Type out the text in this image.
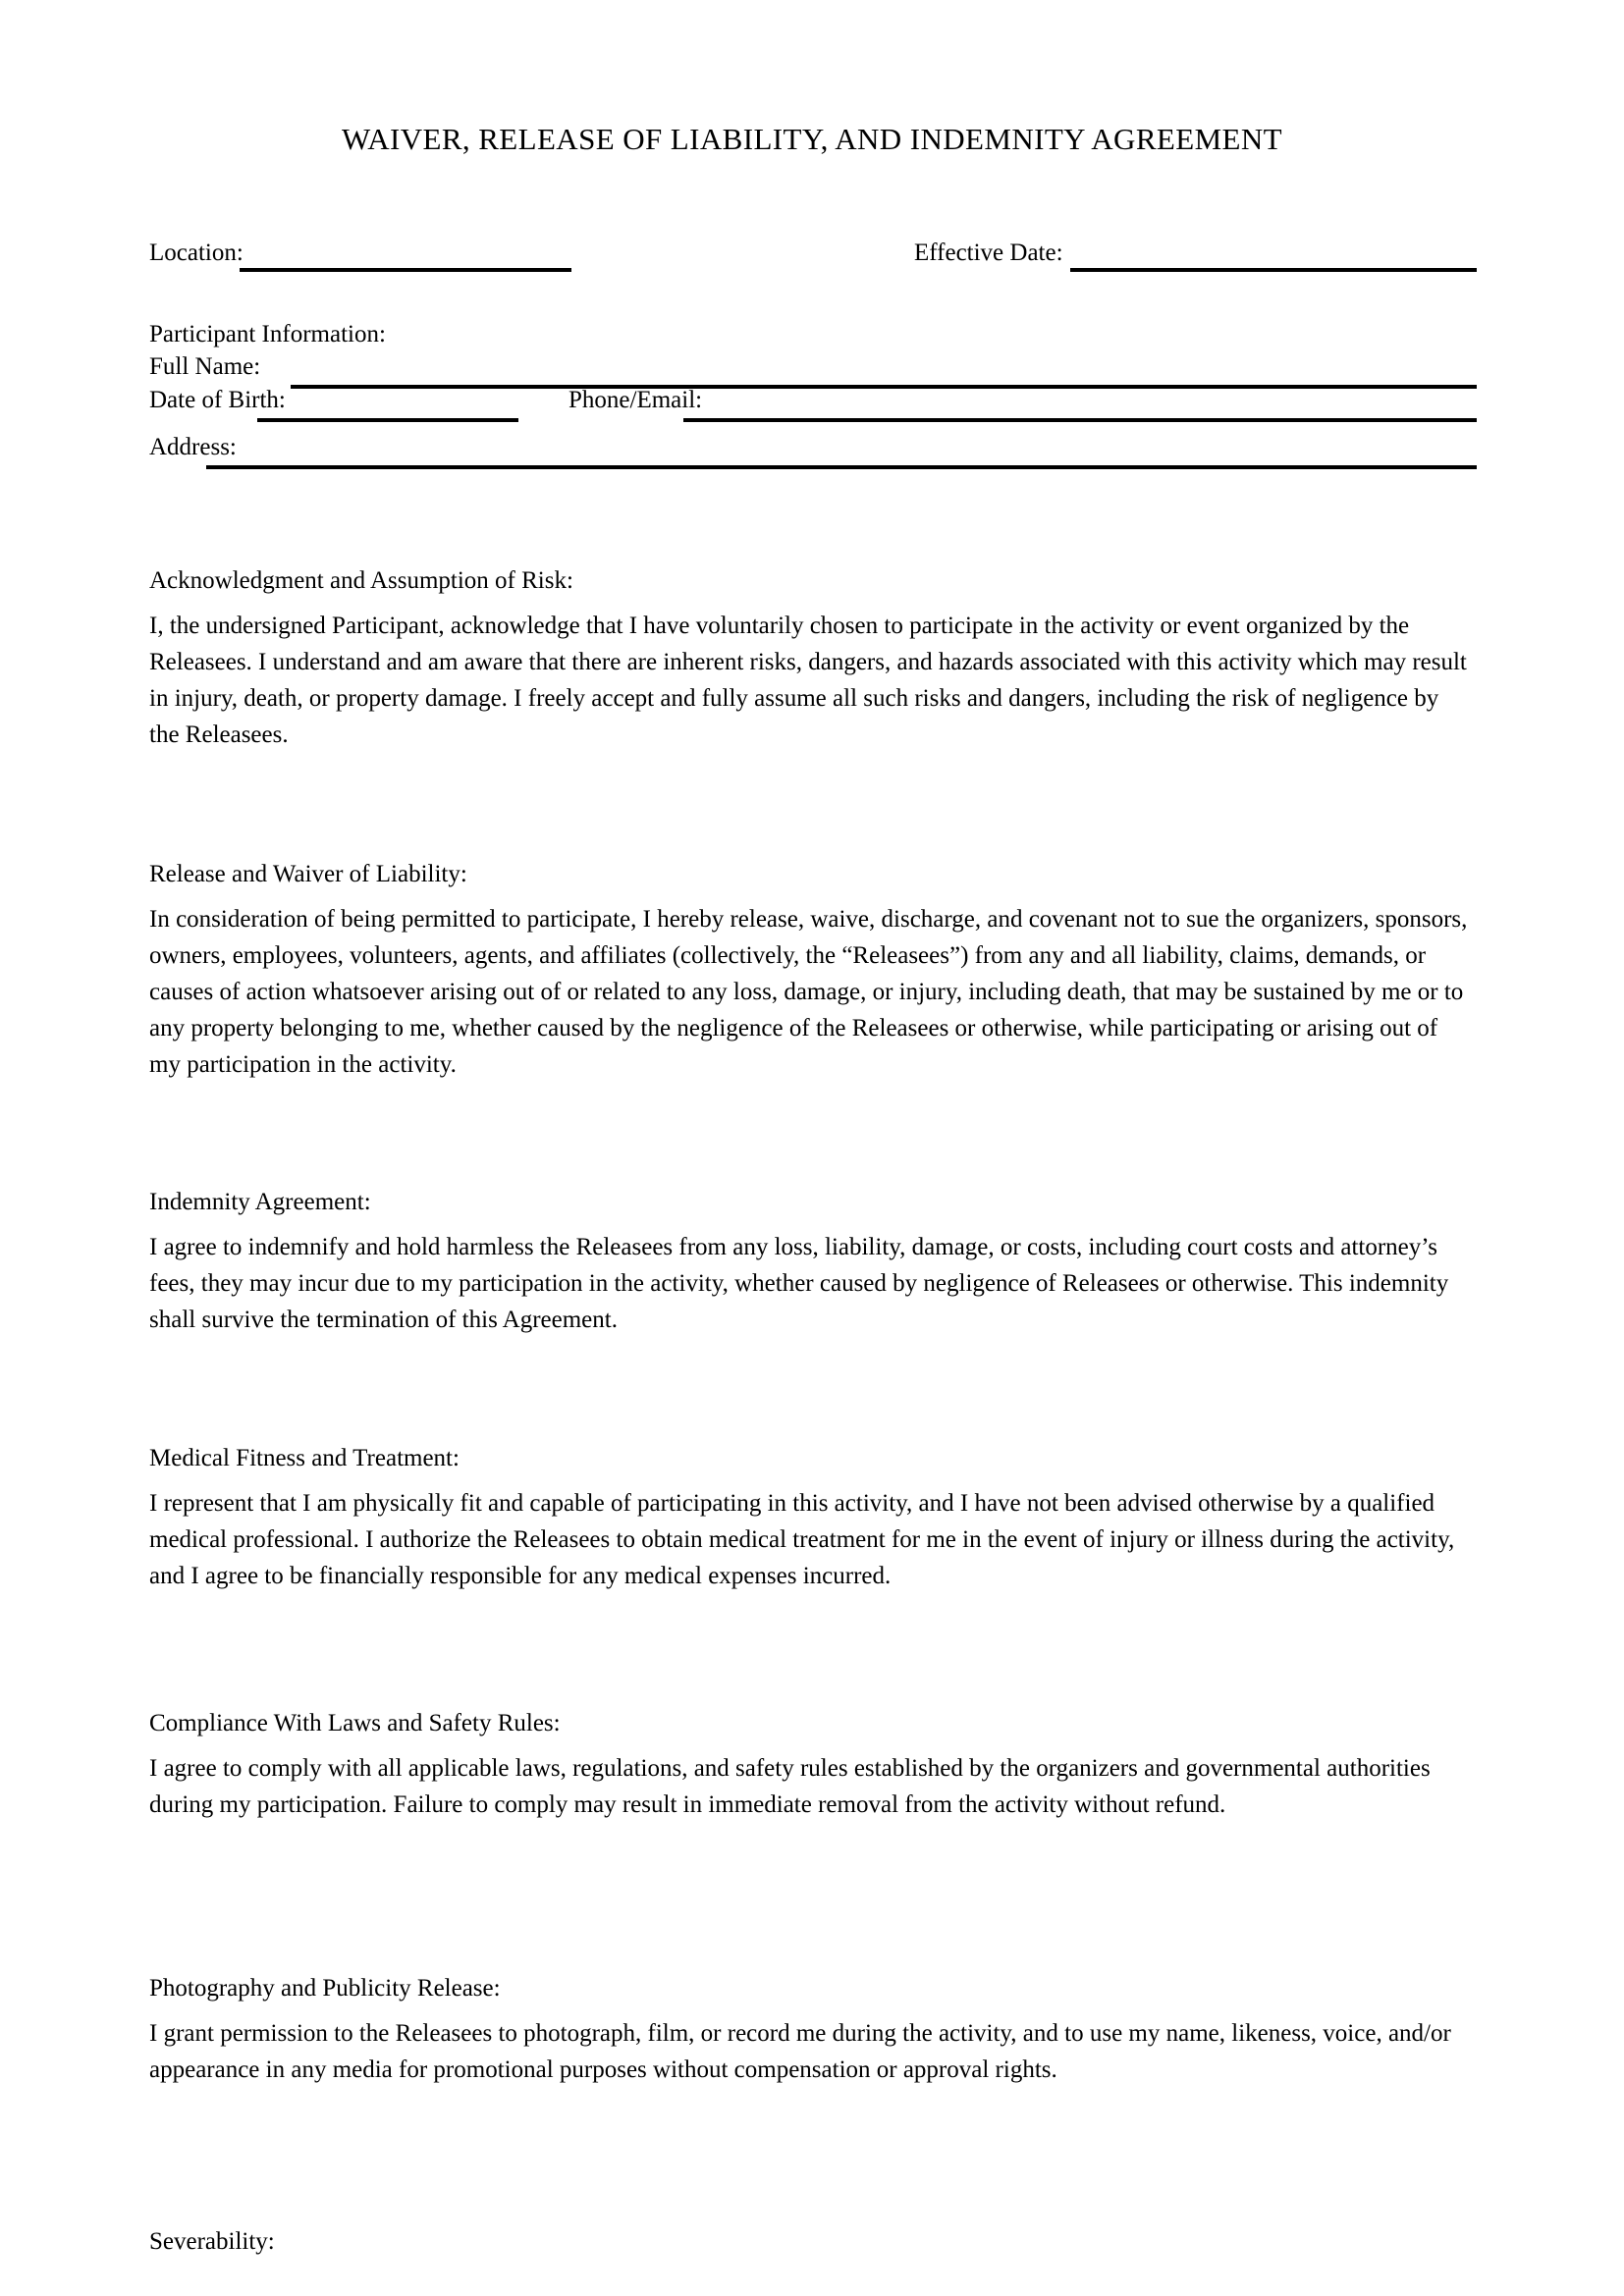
WAIVER, RELEASE OF LIABILITY, AND INDEMNITY AGREEMENT
Location:	Effective Date:
Participant Information:
Full Name:
Date of Birth:	Phone/Email:
Address:
Acknowledgment and Assumption of Risk:

I, the undersigned Participant, acknowledge that I have voluntarily chosen to participate in the activity or event organized by the Releasees. I understand and am aware that there are inherent risks, dangers, and hazards associated with this activity which may result in injury, death, or property damage. I freely accept and fully assume all such risks and dangers, including the risk of negligence by the Releasees.

Release and Waiver of Liability:

In consideration of being permitted to participate, I hereby release, waive, discharge, and covenant not to sue the organizers, sponsors, owners, employees, volunteers, agents, and affiliates (collectively, the “Releasees”) from any and all liability, claims, demands, or causes of action whatsoever arising out of or related to any loss, damage, or injury, including death, that may be sustained by me or to any property belonging to me, whether caused by the negligence of the Releasees or otherwise, while participating or arising out of my participation in the activity.

Indemnity Agreement:

I agree to indemnify and hold harmless the Releasees from any loss, liability, damage, or costs, including court costs and attorney’s fees, they may incur due to my participation in the activity, whether caused by negligence of Releasees or otherwise. This indemnity shall survive the termination of this Agreement.

Medical Fitness and Treatment:

I represent that I am physically fit and capable of participating in this activity, and I have not been advised otherwise by a qualified medical professional. I authorize the Releasees to obtain medical treatment for me in the event of injury or illness during the activity, and I agree to be financially responsible for any medical expenses incurred.

Compliance With Laws and Safety Rules:

I agree to comply with all applicable laws, regulations, and safety rules established by the organizers and governmental authorities during my participation. Failure to comply may result in immediate removal from the activity without refund.

Photography and Publicity Release:

I grant permission to the Releasees to photograph, film, or record me during the activity, and to use my name, likeness, voice, and/or appearance in any media for promotional purposes without compensation or approval rights.

Severability:
